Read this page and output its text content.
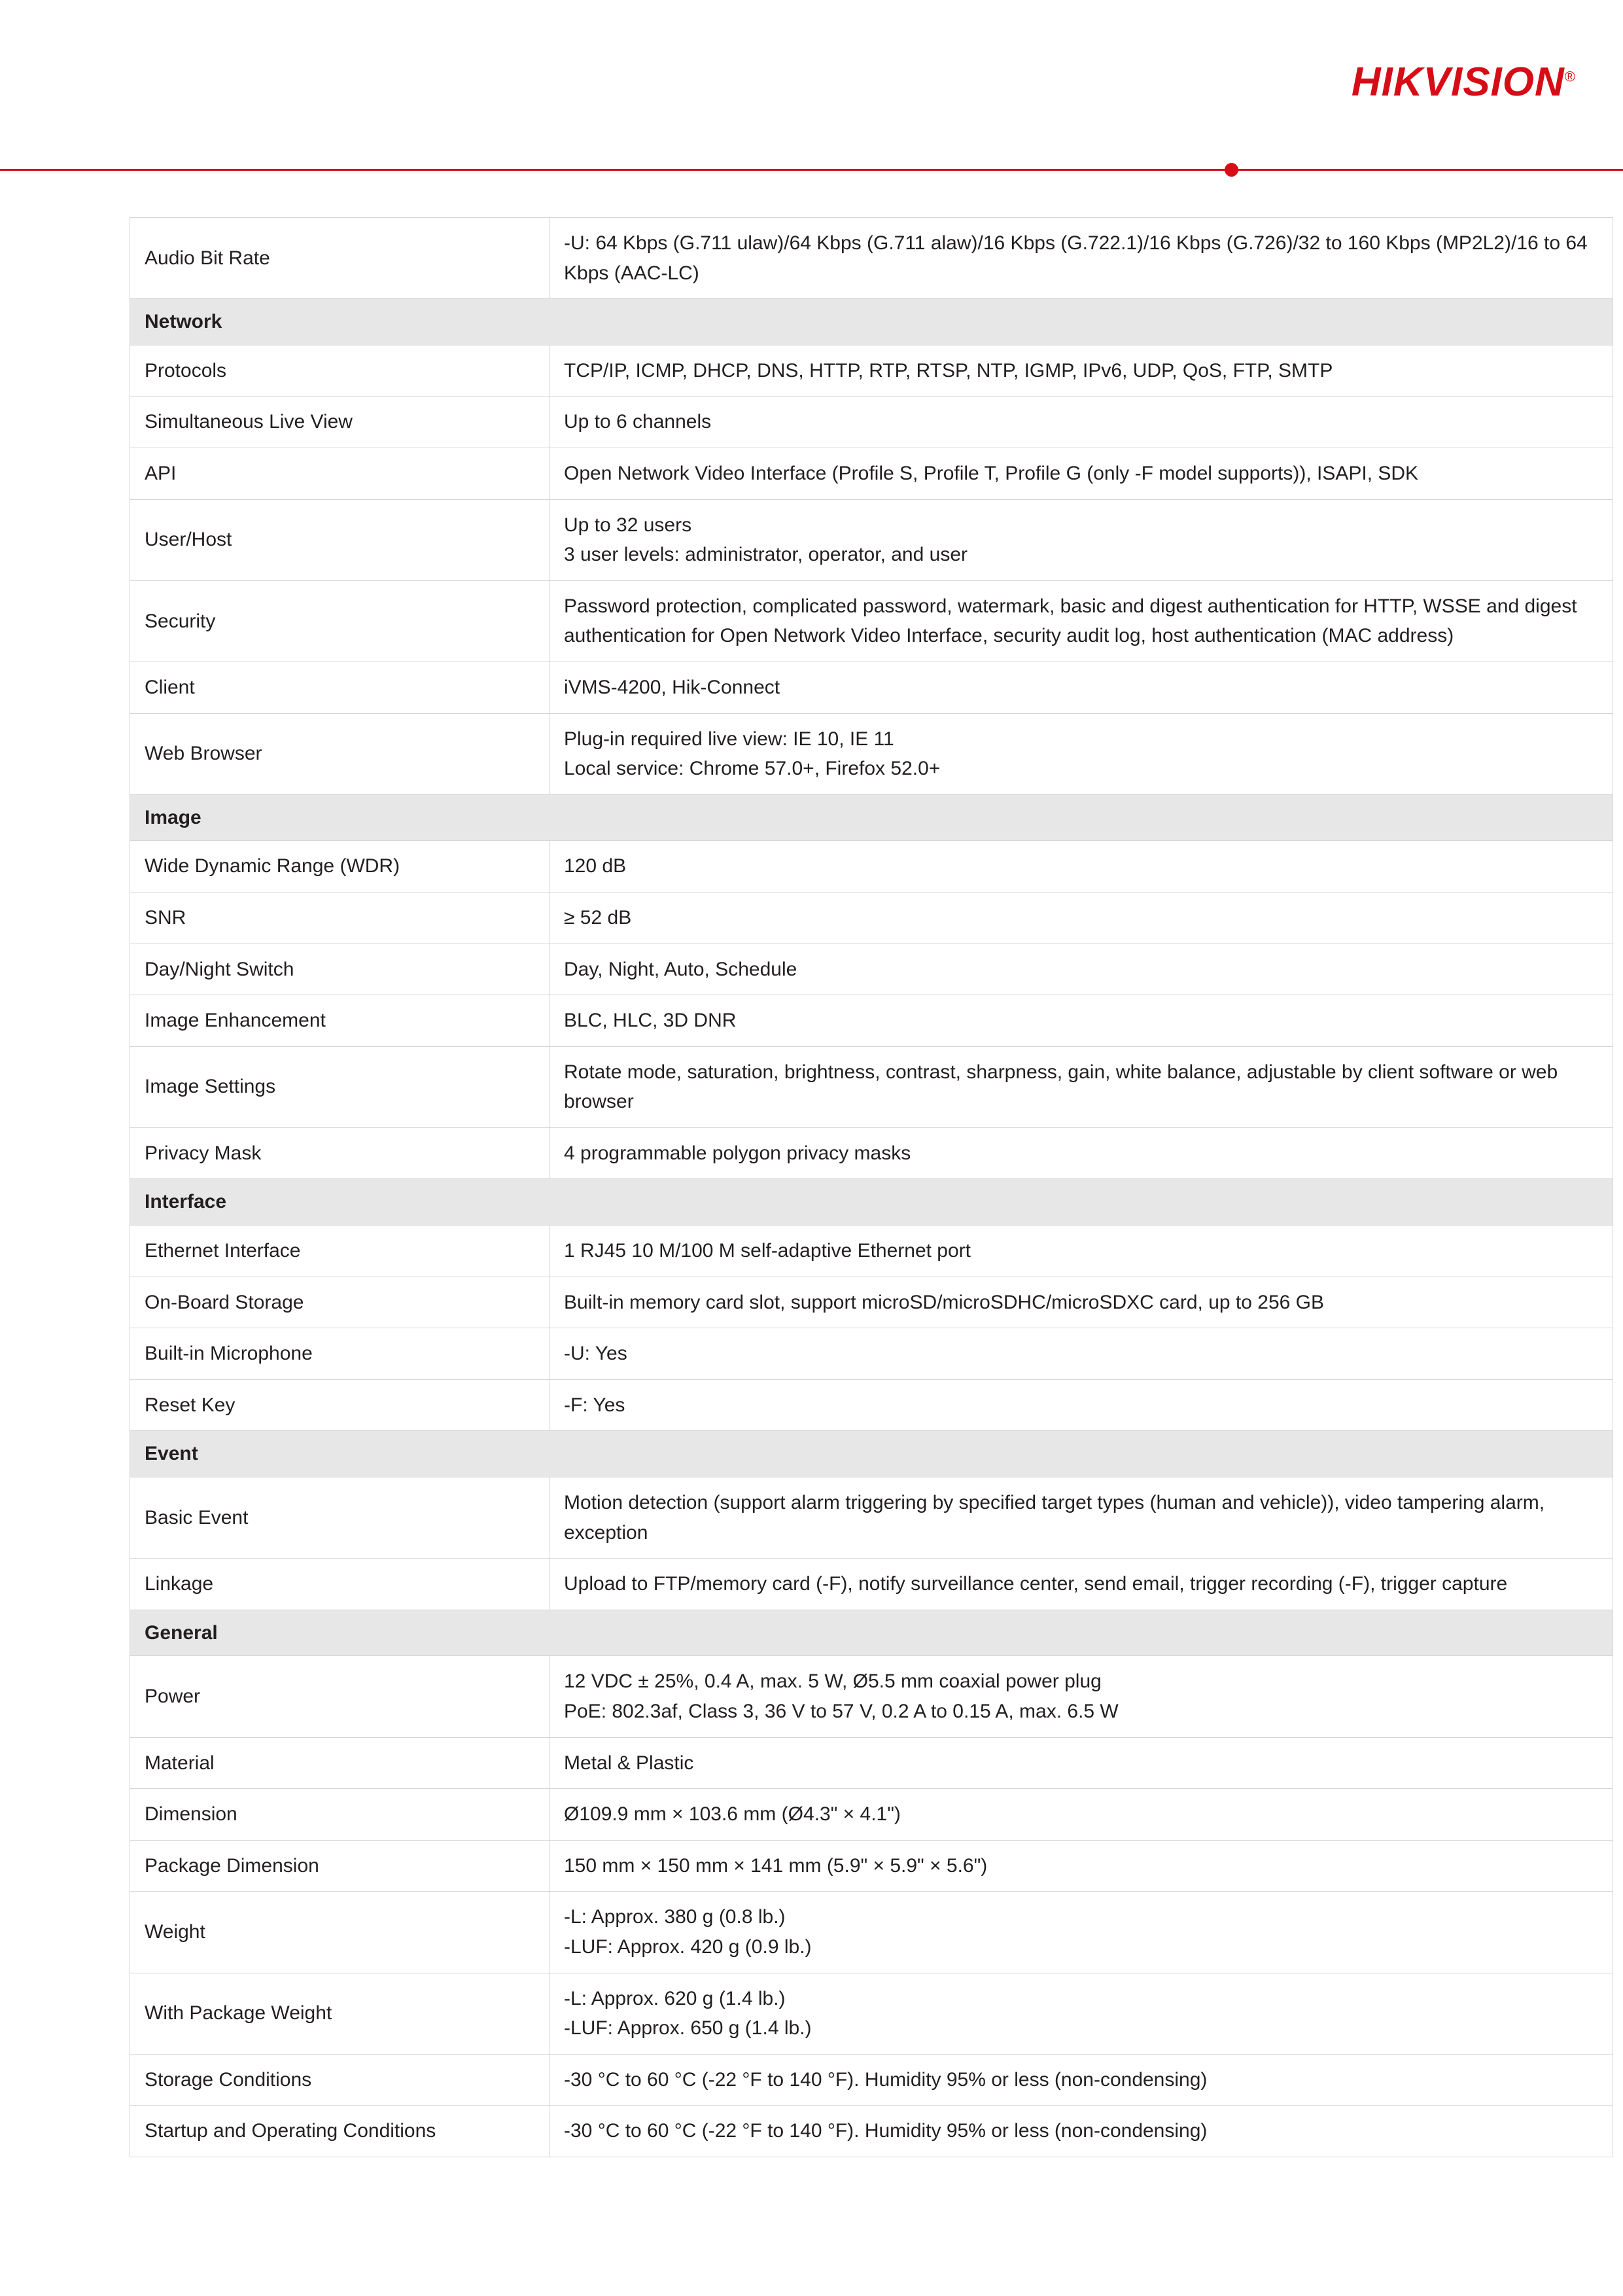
HIKVISION®
Audio Bit Rate	-U: 64 Kbps (G.711 ulaw)/64 Kbps (G.711 alaw)/16 Kbps (G.722.1)/16 Kbps (G.726)/32 to 160 Kbps (MP2L2)/16 to 64 Kbps (AAC-LC)

Network	
Protocols	TCP/IP, ICMP, DHCP, DNS, HTTP, RTP, RTSP, NTP, IGMP, IPv6, UDP, QoS, FTP, SMTP

Simultaneous Live View	Up to 6 channels

API	Open Network Video Interface (Profile S, Profile T, Profile G (only -F model supports)), ISAPI, SDK

User/Host	Up to 32 users
3 user levels: administrator, operator, and user

Security	Password protection, complicated password, watermark, basic and digest authentication for HTTP, WSSE and digest authentication for Open Network Video Interface, security audit log, host authentication (MAC address)

Client	iVMS-4200, Hik-Connect

Web Browser	Plug-in required live view: IE 10, IE 11
Local service: Chrome 57.0+, Firefox 52.0+

Image	
Wide Dynamic Range (WDR)	120 dB

SNR	≥ 52 dB

Day/Night Switch	Day, Night, Auto, Schedule

Image Enhancement	BLC, HLC, 3D DNR

Image Settings	Rotate mode, saturation, brightness, contrast, sharpness, gain, white balance, adjustable by client software or web browser

Privacy Mask	4 programmable polygon privacy masks

Interface	
Ethernet Interface	1 RJ45 10 M/100 M self-adaptive Ethernet port

On-Board Storage	Built-in memory card slot, support microSD/microSDHC/microSDXC card, up to 256 GB

Built-in Microphone	-U: Yes

Reset Key	-F: Yes

Event	
Basic Event	Motion detection (support alarm triggering by specified target types (human and vehicle)), video tampering alarm, exception

Linkage	Upload to FTP/memory card (-F), notify surveillance center, send email, trigger recording (-F), trigger capture

General	
Power	12 VDC ± 25%, 0.4 A, max. 5 W, Ø5.5 mm coaxial power plug
PoE: 802.3af, Class 3, 36 V to 57 V, 0.2 A to 0.15 A, max. 6.5 W

Material	Metal & Plastic

Dimension	Ø109.9 mm × 103.6 mm (Ø4.3" × 4.1")

Package Dimension	150 mm × 150 mm × 141 mm (5.9" × 5.9" × 5.6")

Weight	-L: Approx. 380 g (0.8 lb.)
-LUF: Approx. 420 g (0.9 lb.)

With Package Weight	-L: Approx. 620 g (1.4 lb.)
-LUF: Approx. 650 g (1.4 lb.)

Storage Conditions	-30 °C to 60 °C (-22 °F to 140 °F). Humidity 95% or less (non-condensing)

Startup and Operating Conditions	-30 °C to 60 °C (-22 °F to 140 °F). Humidity 95% or less (non-condensing)
